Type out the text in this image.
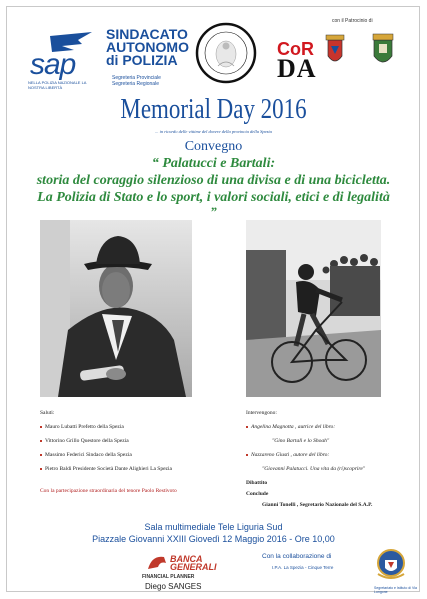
sap
NELLA POLIZIA NAZIONALE LA NOSTRA LIBERTÀ
SINDACATO
AUTONOMO
di POLIZIA
Segreteria Provinciale
Segreteria Regionale
CoR
DA
con il Patrocinio di
Memorial Day 2016
... in ricordo delle vittime del dovere della provincia della Spezia
Convegno
“ Palatucci e Bartali:
storia del coraggio silenzioso di una divisa e di una bicicletta.
La Polizia di Stato e lo sport, i valori sociali, etici e di legalità
”
Saluti:
Mauro Lubatti Prefetto della Spezia
Vittorino Grillo Questore della Spezia
Massimo Federici Sindaco della Spezia
Pietro Baldi Presidente Società Dante Alighieri La Spezia
Con la partecipazione straordinaria del tenore Paolo Restivoto
Intervengono:
Angelina Magnotta , autrice del libro:
"Gino Bartali e lo Shoah"
Nazzareno Giusti , autore del libro:
"Giovanni Palatucci. Una vita da (ri)scoprire"
Dibattito
Conclude
Gianni Tonelli , Segretario Nazionale del S.A.P.
Sala multimediale Tele Liguria Sud
Piazzale Giovanni XXIII Giovedì 12 Maggio 2016 - Ore 10,00
BANCA
GENERALI
FINANCIAL PLANNER
Diego SANGES
Con la collaborazione di
I.P.A. La Spezia - Cinque Terre
Segretariato e Istituto di Via Lungone
